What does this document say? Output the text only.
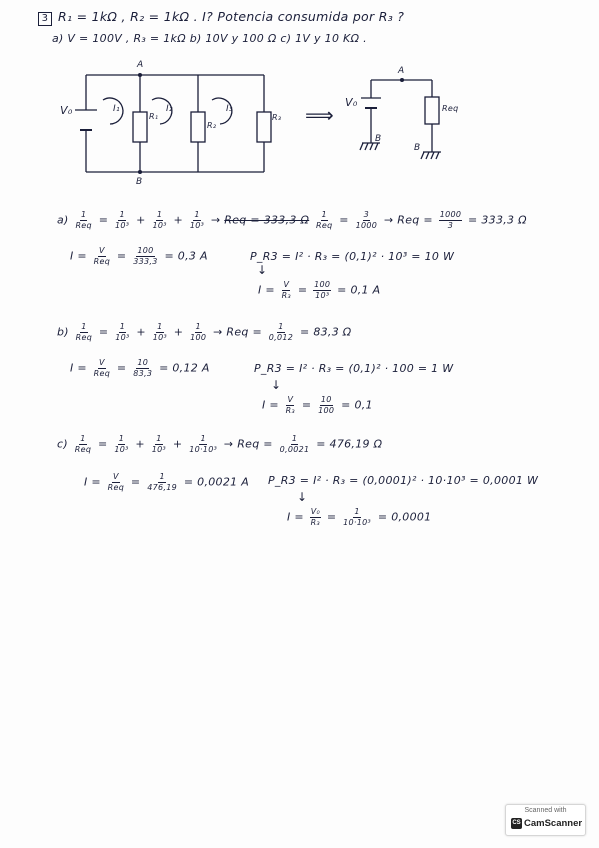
3 R₁ = 1kΩ , R₂ = 1kΩ . I? Potencia consumida por R₃ ?
a) V = 100V , R₃ = 1kΩ b) 10V y 100 Ω c) 1V y 10 KΩ .
V₀
A
B
I₁	I₂	I₃
R₁
R₂
R₃ ⟹
A
V₀
B
B
Req
$a) \frac{1}{\text{Req}} = \frac{1}{\text{10³}} + \frac{1}{\text{10³}} + \frac{1}{\text{10³}}$ → Req = 333,3 Ω $\frac{1}{\text{Req}} = \frac{3}{1000}$ → Req = $\frac{1000}{3} = 333,3$ Ω
$I = \frac{V}{\text{Req}} = \frac{100}{333,3} = 0,3$ A	P_R3 = I² · R₃ = (0,1)² · 10³ = 10 W
↓
$I = \frac{V}{\text{R₃}} = \frac{100}{\text{10³}} = 0,1$ A
$b) \frac{1}{\text{Req}} = \frac{1}{\text{10³}} + \frac{1}{\text{10³}} + \frac{1}{100}$ → Req = $\frac{1}{0,012} = 83,3$ Ω
$I = \frac{V}{\text{Req}} = \frac{10}{83,3} = 0,12$ A	P_R3 = I² · R₃ = (0,1)² · 100 = 1 W
↓
$I = \frac{V}{\text{R₃}} = \frac{10}{100} = 0,1$
$c) \frac{1}{\text{Req}} = \frac{1}{\text{10³}} + \frac{1}{\text{10³}} + \frac{1}{\text{10·10³}}$ → Req = $\frac{1}{0,0021} = 476,19$ Ω
$I = \frac{V}{\text{Req}} = \frac{1}{476,19} = 0,0021$ A P_R3 = I² · R₃ = (0,0001)² · 10·10³ = 0,0001 W
↓
$I = \frac{\text{V₀}}{\text{R₃}} = \frac{1}{\text{10·10³}} = 0,0001$
Scanned with
CS CamScanner
